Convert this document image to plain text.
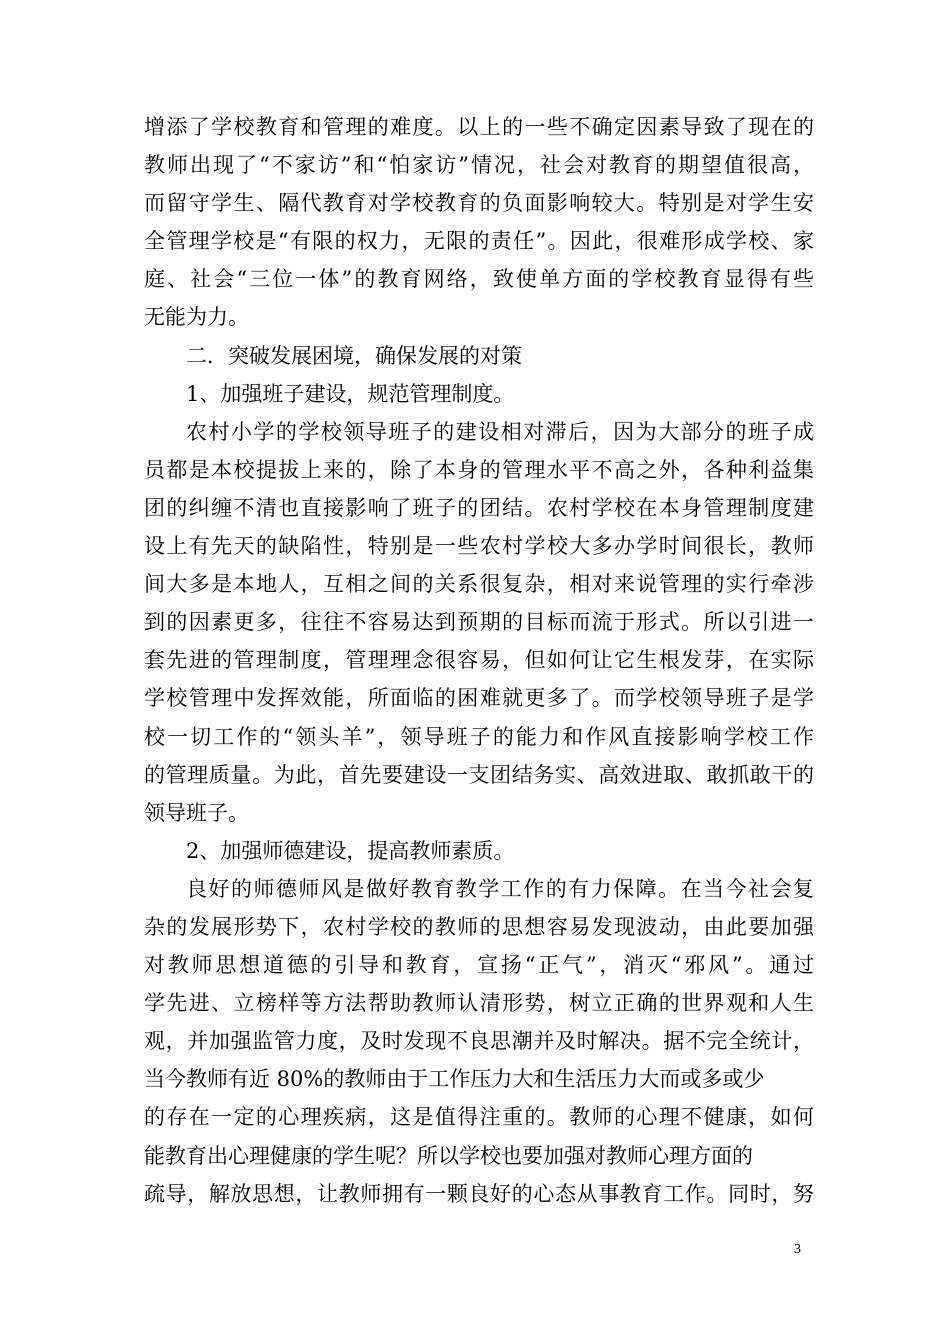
增添了学校教育和管理的难度。以上的一些不确定因素导致了现在的
教师出现了“不家访”和“怕家访”情况，社会对教育的期望值很高，
而留守学生、隔代教育对学校教育的负面影响较大。特别是对学生安
全管理学校是“有限的权力，无限的责任”。因此，很难形成学校、家
庭、社会“三位一体”的教育网络，致使单方面的学校教育显得有些
无能为力。
二．突破发展困境，确保发展的对策
1、加强班子建设，规范管理制度。
农村小学的学校领导班子的建设相对滞后，因为大部分的班子成
员都是本校提拔上来的，除了本身的管理水平不高之外，各种利益集
团的纠缠不清也直接影响了班子的团结。农村学校在本身管理制度建
设上有先天的缺陷性，特别是一些农村学校大多办学时间很长，教师
间大多是本地人，互相之间的关系很复杂，相对来说管理的实行牵涉
到的因素更多，往往不容易达到预期的目标而流于形式。所以引进一
套先进的管理制度，管理理念很容易，但如何让它生根发芽，在实际
学校管理中发挥效能，所面临的困难就更多了。而学校领导班子是学
校一切工作的“领头羊”，领导班子的能力和作风直接影响学校工作
的管理质量。为此，首先要建设一支团结务实、高效进取、敢抓敢干的
领导班子。
2、加强师德建设，提高教师素质。
良好的师德师风是做好教育教学工作的有力保障。在当今社会复
杂的发展形势下，农村学校的教师的思想容易发现波动，由此要加强
对教师思想道德的引导和教育，宣扬“正气”，消灭“邪风”。通过
学先进、立榜样等方法帮助教师认清形势，树立正确的世界观和人生
观，并加强监管力度，及时发现不良思潮并及时解决。据不完全统计，
当今教师有近 80%的教师由于工作压力大和生活压力大而或多或少
的存在一定的心理疾病，这是值得注重的。教师的心理不健康，如何
能教育出心理健康的学生呢？所以学校也要加强对教师心理方面的
疏导，解放思想，让教师拥有一颗良好的心态从事教育工作。同时，努
3
